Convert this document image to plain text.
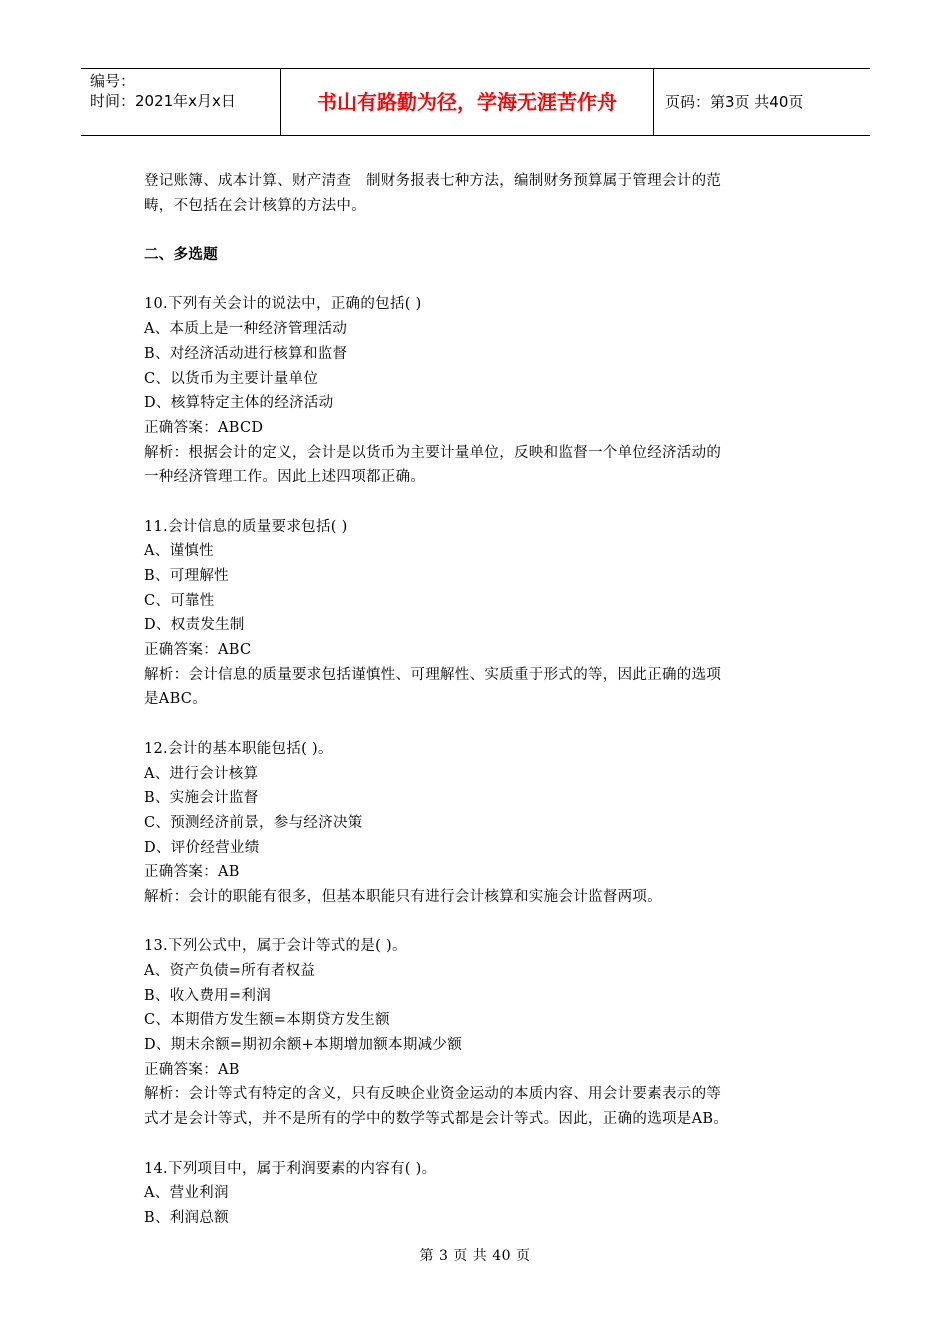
编号：
时间：2021年x月x日	书山有路勤为径，学海无涯苦作舟	页码：第3页 共40页
登记账簿、成本计算、财产清查　制财务报表七种方法，编制财务预算属于管理会计的范
畴，不包括在会计核算的方法中。
二、多选题
10.下列有关会计的说法中，正确的包括( )
A、本质上是一种经济管理活动
B、对经济活动进行核算和监督
C、以货币为主要计量单位
D、核算特定主体的经济活动
正确答案：ABCD
解析：根据会计的定义，会计是以货币为主要计量单位，反映和监督一个单位经济活动的
一种经济管理工作。因此上述四项都正确。
11.会计信息的质量要求包括( )
A、谨慎性
B、可理解性
C、可靠性
D、权责发生制
正确答案：ABC
解析：会计信息的质量要求包括谨慎性、可理解性、实质重于形式的等，因此正确的选项
是ABC。
12.会计的基本职能包括( )。
A、进行会计核算
B、实施会计监督
C、预测经济前景，参与经济决策
D、评价经营业绩
正确答案：AB
解析：会计的职能有很多，但基本职能只有进行会计核算和实施会计监督两项。
13.下列公式中，属于会计等式的是( )。
A、资产负债=所有者权益
B、收入费用=利润
C、本期借方发生额=本期贷方发生额
D、期末余额=期初余额+本期增加额本期减少额
正确答案：AB
解析：会计等式有特定的含义，只有反映企业资金运动的本质内容、用会计要素表示的等
式才是会计等式，并不是所有的学中的数学等式都是会计等式。因此，正确的选项是AB。
14.下列项目中，属于利润要素的内容有( )。
A、营业利润
B、利润总额
第 3 页 共 40 页
